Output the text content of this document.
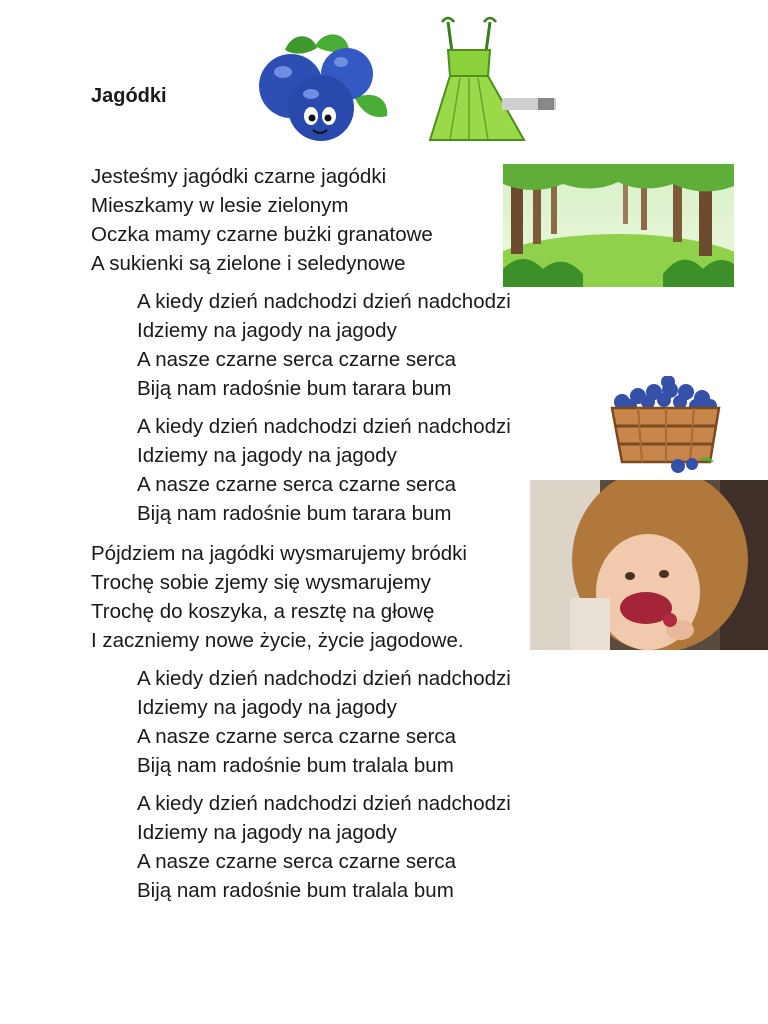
Jagódki
Jesteśmy jagódki czarne jagódki
Mieszkamy w lesie zielonym
Oczka mamy czarne bużki granatowe
A sukienki są zielone i seledynowe
A kiedy dzień nadchodzi dzień nadchodzi
Idziemy na jagody na jagody
A nasze czarne serca czarne serca
Biją nam radośnie bum tarara bum
A kiedy dzień nadchodzi dzień nadchodzi
Idziemy na jagody na jagody
A nasze czarne serca czarne serca
Biją nam radośnie bum tarara bum
Pójdziem na jagódki wysmarujemy bródki
Trochę sobie zjemy się wysmarujemy
Trochę do koszyka, a resztę na głowę
I zaczniemy nowe życie, życie jagodowe.
A kiedy dzień nadchodzi dzień nadchodzi
Idziemy na jagody na jagody
A nasze czarne serca czarne serca
Biją nam radośnie bum tralala bum
A kiedy dzień nadchodzi dzień nadchodzi
Idziemy na jagody na jagody
A nasze czarne serca czarne serca
Biją nam radośnie bum tralala bum
